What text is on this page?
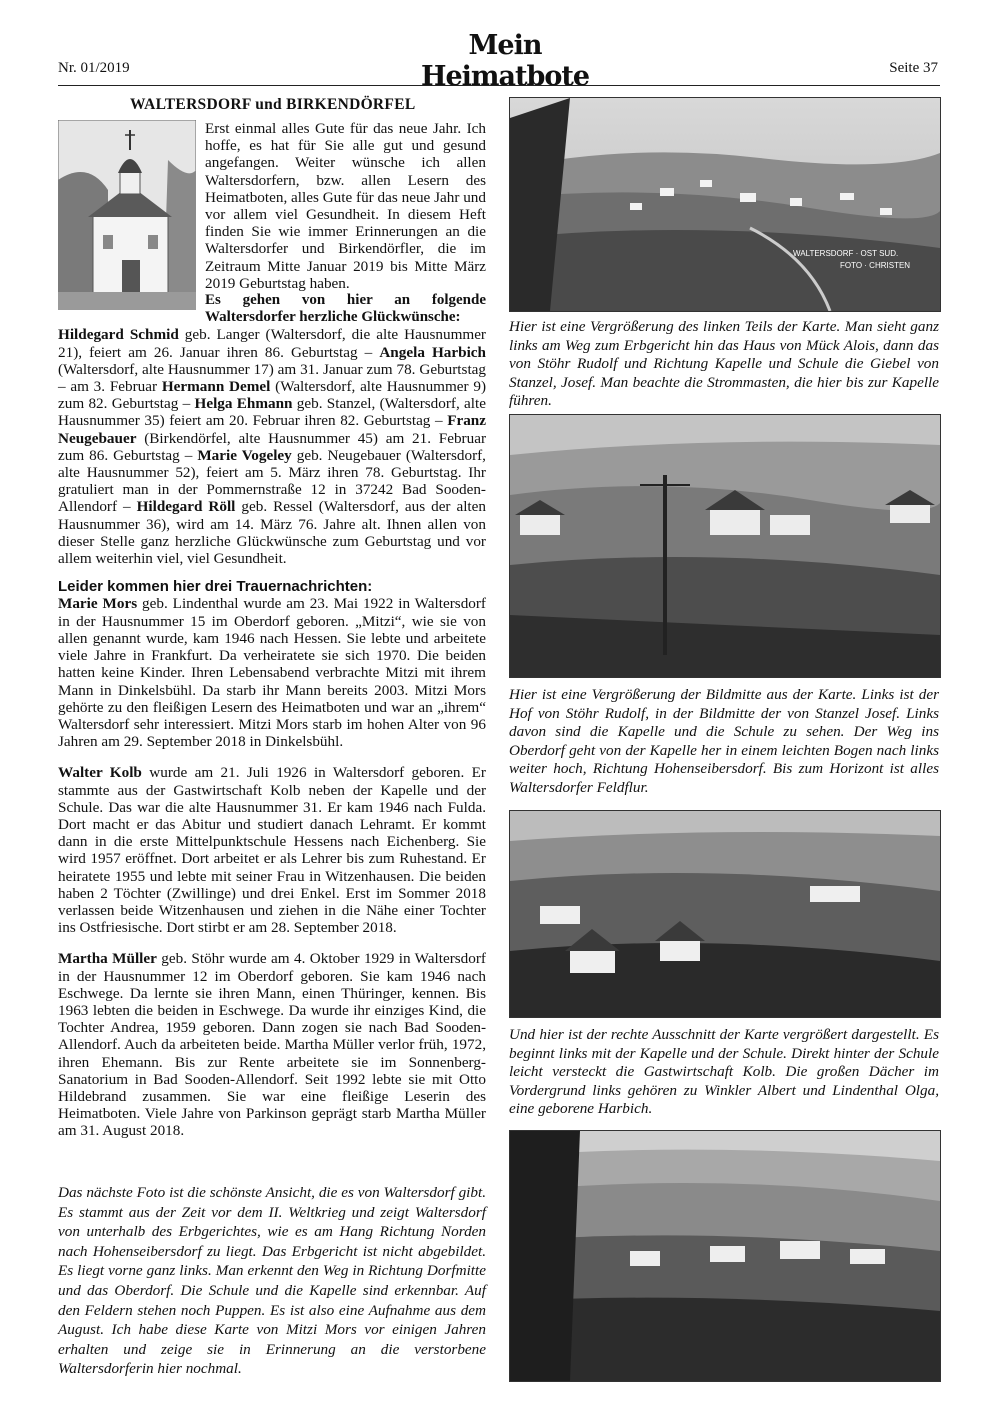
Nr. 01/2019
Mein Heimatbote	Seite 37
WALTERSDORF und BIRKENDÖRFEL

Erst einmal alles Gute für das neue Jahr. Ich hoffe, es hat für Sie alle gut und gesund angefangen. Weiter wünsche ich allen Waltersdorfern, bzw. allen Lesern des Heimatboten, alles Gute für das neue Jahr und vor allem viel Gesundheit. In diesem Heft finden Sie wie immer Erinnerungen an die Waltersdorfer und Birkendörfler, die im Zeitraum Mitte Januar 2019 bis Mitte März 2019 Geburtstag haben.

Es gehen von hier an folgende Waltersdorfer herzliche Glückwünsche:

Hildegard Schmid geb. Langer (Waltersdorf, die alte Hausnummer 21), feiert am 26. Januar ihren 86. Geburtstag – Angela Harbich (Waltersdorf, alte Hausnummer 17) am 31. Januar zum 78. Geburtstag – am 3. Februar Hermann Demel (Waltersdorf, alte Hausnummer 9) zum 82. Geburtstag – Helga Ehmann geb. Stanzel, (Waltersdorf, alte Hausnummer 35) feiert am 20. Februar ihren 82. Geburtstag – Franz Neugebauer (Birkendörfel, alte Hausnummer 45) am 21. Februar zum 86. Geburtstag – Marie Vogeley geb. Neugebauer (Waltersdorf, alte Hausnummer 52), feiert am 5. März ihren 78. Geburtstag. Ihr gratuliert man in der Pommernstraße 12 in 37242 Bad Sooden-Allendorf – Hildegard Röll geb. Ressel (Waltersdorf, aus der alten Hausnummer 36), wird am 14. März 76. Jahre alt. Ihnen allen von dieser Stelle ganz herzliche Glückwünsche zum Geburtstag und vor allem weiterhin viel, viel Gesundheit.

Leider kommen hier drei Trauernachrichten:

Marie Mors geb. Lindenthal wurde am 23. Mai 1922 in Waltersdorf in der Hausnummer 15 im Oberdorf geboren. „Mitzi“, wie sie von allen genannt wurde, kam 1946 nach Hessen. Sie lebte und arbeitete viele Jahre in Frankfurt. Da verheiratete sie sich 1970. Die beiden hatten keine Kinder. Ihren Lebensabend verbrachte Mitzi mit ihrem Mann in Dinkelsbühl. Da starb ihr Mann bereits 2003. Mitzi Mors gehörte zu den fleißigen Lesern des Heimatboten und war an „ihrem“ Waltersdorf sehr interessiert. Mitzi Mors starb im hohen Alter von 96 Jahren am 29. September 2018 in Dinkelsbühl.

Walter Kolb wurde am 21. Juli 1926 in Waltersdorf geboren. Er stammte aus der Gastwirtschaft Kolb neben der Kapelle und der Schule. Das war die alte Hausnummer 31. Er kam 1946 nach Fulda. Dort macht er das Abitur und studiert danach Lehramt. Er kommt dann in die erste Mittelpunktschule Hessens nach Eichenberg. Sie wird 1957 eröffnet. Dort arbeitet er als Lehrer bis zum Ruhestand. Er heiratete 1955 und lebte mit seiner Frau in Witzenhausen. Die beiden haben 2 Töchter (Zwillinge) und drei Enkel. Erst im Sommer 2018 verlassen beide Witzenhausen und ziehen in die Nähe einer Tochter ins Ostfriesische. Dort stirbt er am 28. September 2018.

Martha Müller geb. Stöhr wurde am 4. Oktober 1929 in Waltersdorf in der Hausnummer 12 im Oberdorf geboren. Sie kam 1946 nach Eschwege. Da lernte sie ihren Mann, einen Thüringer, kennen. Bis 1963 lebten die beiden in Eschwege. Da wurde ihr einziges Kind, die Tochter Andrea, 1959 geboren. Dann zogen sie nach Bad Sooden-Allendorf. Auch da arbeiteten beide. Martha Müller verlor früh, 1972, ihren Ehemann. Bis zur Rente arbeitete sie im Sonnenberg-Sanatorium in Bad Sooden-Allendorf. Seit 1992 lebte sie mit Otto Hildebrand zusammen. Sie war eine fleißige Leserin des Heimatboten. Viele Jahre von Parkinson geprägt starb Martha Müller am 31. August 2018.

Das nächste Foto ist die schönste Ansicht, die es von Waltersdorf gibt. Es stammt aus der Zeit vor dem II. Weltkrieg und zeigt Waltersdorf von unterhalb des Erbgerichtes, wie es am Hang Richtung Norden nach Hohenseibersdorf zu liegt. Das Erbgericht ist nicht abgebildet. Es liegt vorne ganz links. Man erkennt den Weg in Richtung Dorfmitte und das Oberdorf. Die Schule und die Kapelle sind erkennbar. Auf den Feldern stehen noch Puppen. Es ist also eine Aufnahme aus dem August. Ich habe diese Karte von Mitzi Mors vor einigen Jahren erhalten und zeige sie in Erinnerung an die verstorbene Waltersdorferin hier nochmal.

WALTERSDORF · OST SUD.
FOTO · CHRISTEN

Hier ist eine Vergrößerung des linken Teils der Karte. Man sieht ganz links am Weg zum Erbgericht hin das Haus von Mück Alois, dann das von Stöhr Rudolf und Richtung Kapelle und Schule die Giebel von Stanzel, Josef. Man beachte die Strommasten, die hier bis zur Kapelle führen.

Hier ist eine Vergrößerung der Bildmitte aus der Karte. Links ist der Hof von Stöhr Rudolf, in der Bildmitte der von Stanzel Josef. Links davon sind die Kapelle und die Schule zu sehen. Der Weg ins Oberdorf geht von der Kapelle her in einem leichten Bogen nach links weiter hoch, Richtung Hohenseibersdorf. Bis zum Horizont ist alles Waltersdorfer Feldflur.

Und hier ist der rechte Ausschnitt der Karte vergrößert dargestellt. Es beginnt links mit der Kapelle und der Schule. Direkt hinter der Schule leicht versteckt die Gastwirtschaft Kolb. Die großen Dächer im Vordergrund links gehören zu Winkler Albert und Lindenthal Olga, eine geborene Harbich.
